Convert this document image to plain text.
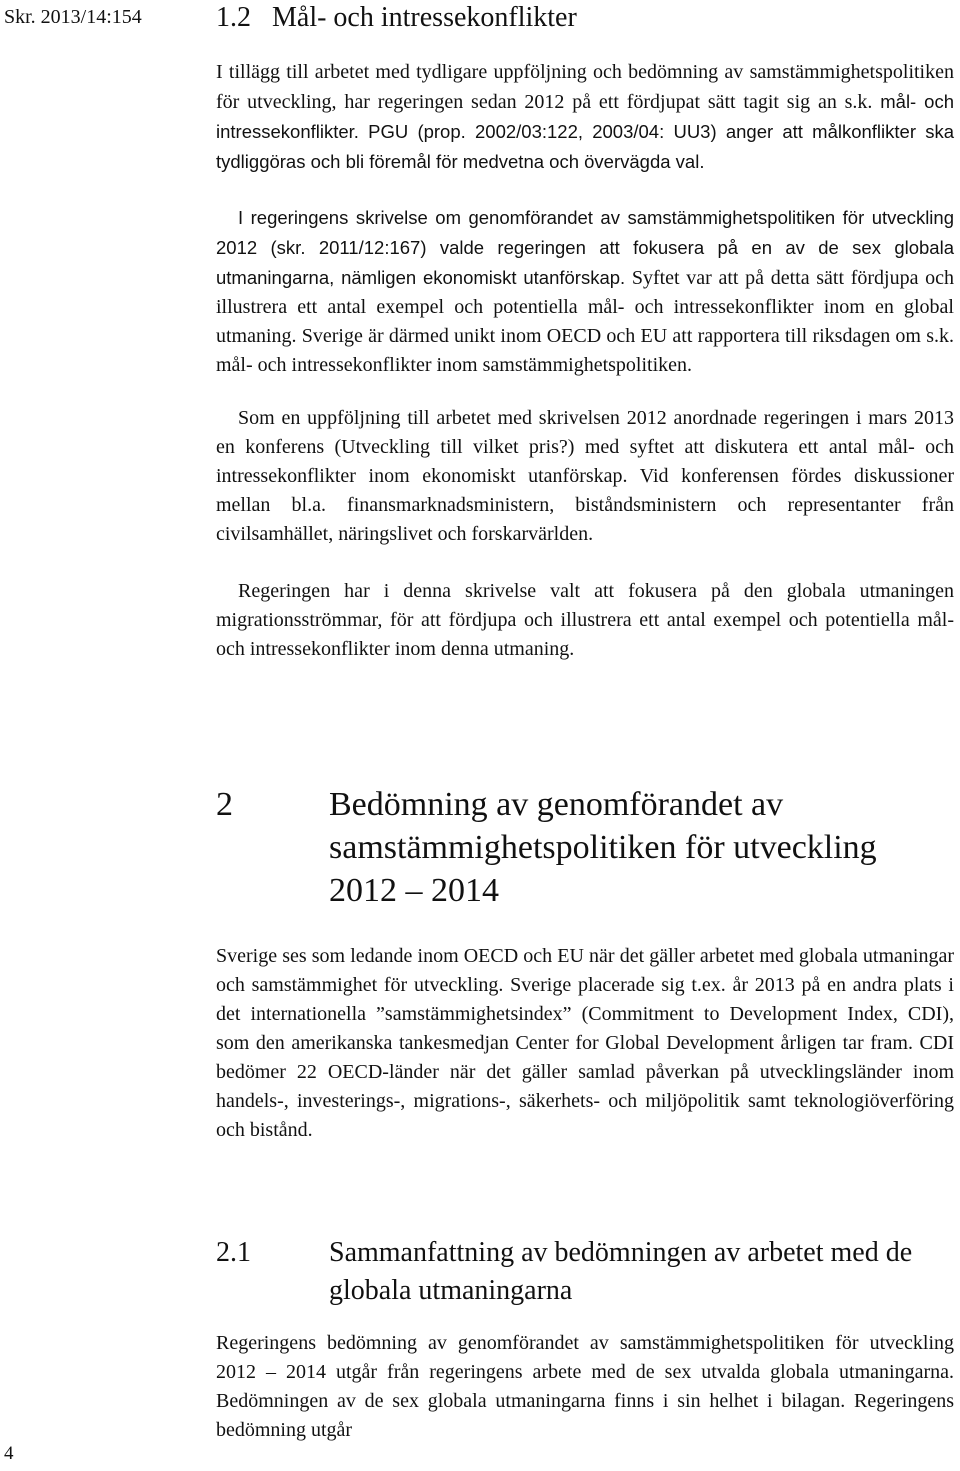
Skr. 2013/14:154	1.2 Mål- och intressekonflikter

I tillägg till arbetet med tydligare uppföljning och bedömning av samstämmighetspolitiken för utveckling, har regeringen sedan 2012 på ett fördjupat sätt tagit sig an s.k. mål- och intressekonflikter. PGU (prop. 2002/03:122, 2003/04: UU3) anger att målkonflikter ska tydliggöras och bli föremål för medvetna och övervägda val.

I regeringens skrivelse om genomförandet av samstämmighetspolitiken för utveckling 2012 (skr. 2011/12:167) valde regeringen att fokusera på en av de sex globala utmaningarna, nämligen ekonomiskt utanförskap. Syftet var att på detta sätt fördjupa och illustrera ett antal exempel och potentiella mål- och intressekonflikter inom en global utmaning. Sverige är därmed unikt inom OECD och EU att rapportera till riksdagen om s.k. mål- och intressekonflikter inom samstämmighetspolitiken.

Som en uppföljning till arbetet med skrivelsen 2012 anordnade regeringen i mars 2013 en konferens (Utveckling till vilket pris?) med syftet att diskutera ett antal mål- och intressekonflikter inom ekonomiskt utanförskap. Vid konferensen fördes diskussioner mellan bl.a. finansmarknadsministern, biståndsministern och representanter från civilsamhället, näringslivet och forskarvärlden.

Regeringen har i denna skrivelse valt att fokusera på den globala utmaningen migrationsströmmar, för att fördjupa och illustrera ett antal exempel och potentiella mål- och intressekonflikter inom denna utmaning.

2	Bedömning av genomförandet av samstämmighetspolitiken för utveckling 2012 – 2014

Sverige ses som ledande inom OECD och EU när det gäller arbetet med globala utmaningar och samstämmighet för utveckling. Sverige placerade sig t.ex. år 2013 på en andra plats i det internationella ”samstämmighetsindex” (Commitment to Development Index, CDI), som den amerikanska tankesmedjan Center for Global Development årligen tar fram. CDI bedömer 22 OECD-länder när det gäller samlad påverkan på utvecklingsländer inom handels-, investerings-, migrations-, säkerhets- och miljöpolitik samt teknologiöverföring och bistånd.

2.1	Sammanfattning av bedömningen av arbetet med de globala utmaningarna

Regeringens bedömning av genomförandet av samstämmighetspolitiken för utveckling 2012 – 2014 utgår från regeringens arbete med de sex utvalda globala utmaningarna. Bedömningen av de sex globala utmaningarna finns i sin helhet i bilagan. Regeringens bedömning utgår

4
